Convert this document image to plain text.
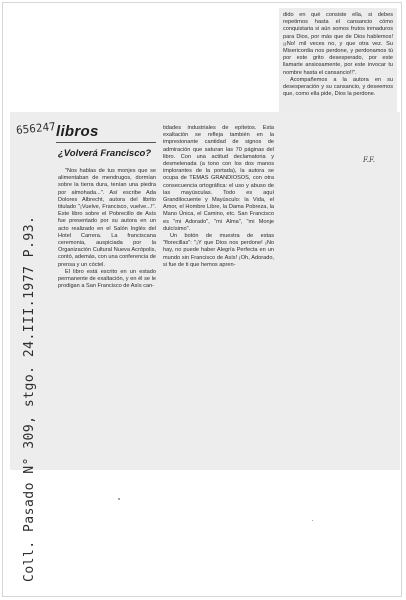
656247 libros
¿Volverá Francisco?

dido en qué consiste ella, si debes repetirnos hasta el cansancio cómo conquistaria si aún somos frutos inmaduros para Dios, por más que de Dios hablemos! ¡¡No! mil veces no, y que otra vez. Su Misericordia nos perdone, y perdonamos tú por este grito desesperado, por este llamarte ansiosamente, por este invocar tu nombre hasta el cansancio!!".

Acompañemos a la autora en su desesperación y su cansancio, y deseemos que, como ella pide, Dios la perdone.

"Nos hablas de tus monjes que se alimentaban de mendrugos, dormían sobre la tierra dura, tenían una piedra por almohada...". Así escribe Ada Dolores Albrecht, autora del librito titulado "¡Vuelve, Francisco, vuelve...!". Este libro sobre el Pobrecillo de Asís fue presentado por su autora en un acto realizado en el Salón Inglés del Hotel Carrera. La franciscana ceremonia, auspiciada por la Organización Cultural Nueva Acrópolis, contó, además, con una conferencia de prensa y un cóctel.

El libro está escrito en un estado permanente de exaltación, y en él se le prodigan a San Francisco de Asís can-

tidades industriales de epítetos. Esta exaltación se refleja también en la impresionante cantidad de signos de admiración que saturan las 70 páginas del libro. Con una actitud declamatoria y desmelenada (a tono con los dos manos implorantes de la portada), la autora se ocupa de TEMAS GRANDIOSOS, con otra consecuencia ortográfica: el uso y abuso de las mayúsculas. Todo es aquí Grandilocuente y Mayúsculo: la Vida, el Amor, el Hombre Libre, la Dama Pobreza, la Mano Única, el Camino, etc. San Francisco es "mi Adorado", "mi Alma", "mi Monje dulcísimo".

Un botón de muestra de estas "florecillas": "¡Y que Dios nos perdone! ¡No hay, no puede haber Alegría Perfecta en un mundo sin Francisco de Asís! ¡Oh, Adorado, si fue de ti que hemos apren-

F.F.
Coll. Pasado N° 309, stgo. 24.III.1977 P.93.
